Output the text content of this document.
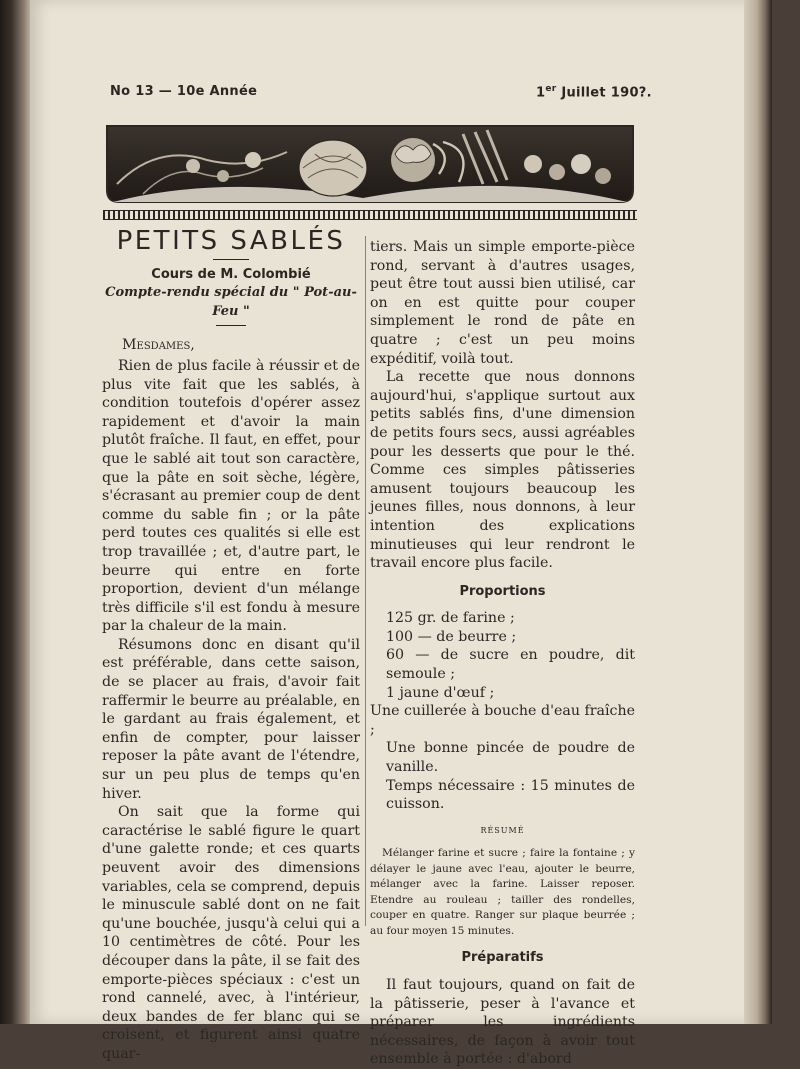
No 13 — 10e Année	1er Juillet 190?.
PETITS SABLÉS

Cours de M. Colombié

Compte-rendu spécial du " Pot-au-Feu "

Mesdames,

Rien de plus facile à réussir et de plus vite fait que les sablés, à condition toutefois d'opérer assez rapidement et d'avoir la main plutôt fraîche. Il faut, en effet, pour que le sablé ait tout son caractère, que la pâte en soit sèche, légère, s'écrasant au premier coup de dent comme du sable fin ; or la pâte perd toutes ces qualités si elle est trop travaillée ; et, d'autre part, le beurre qui entre en forte proportion, devient d'un mélange très difficile s'il est fondu à mesure par la chaleur de la main.

Résumons donc en disant qu'il est préférable, dans cette saison, de se placer au frais, d'avoir fait raffermir le beurre au préalable, en le gardant au frais également, et enfin de compter, pour laisser reposer la pâte avant de l'étendre, sur un peu plus de temps qu'en hiver.

On sait que la forme qui caractérise le sablé figure le quart d'une galette ronde; et ces quarts peuvent avoir des dimensions variables, cela se comprend, depuis le minuscule sablé dont on ne fait qu'une bouchée, jusqu'à celui qui a 10 centimètres de côté. Pour les découper dans la pâte, il se fait des emporte-pièces spéciaux : c'est un rond cannelé, avec, à l'intérieur, deux bandes de fer blanc qui se croisent, et figurent ainsi quatre quar-

tiers. Mais un simple emporte-pièce rond, servant à d'autres usages, peut être tout aussi bien utilisé, car on en est quitte pour couper simplement le rond de pâte en quatre ; c'est un peu moins expéditif, voilà tout.

La recette que nous donnons aujourd'hui, s'applique surtout aux petits sablés fins, d'une dimension de petits fours secs, aussi agréables pour les desserts que pour le thé. Comme ces simples pâtisseries amusent toujours beaucoup les jeunes filles, nous donnons, à leur intention des explications minutieuses qui leur rendront le travail encore plus facile.

Proportions

125 gr. de farine ;

100 — de beurre ;

60 — de sucre en poudre, dit semoule ;

1 jaune d'œuf ;

Une cuillerée à bouche d'eau fraîche ;

Une bonne pincée de poudre de vanille.

Temps nécessaire : 15 minutes de cuisson.

RÉSUMÉ

Mélanger farine et sucre ; faire la fontaine ; y délayer le jaune avec l'eau, ajouter le beurre, mélanger avec la farine. Laisser reposer. Etendre au rouleau ; tailler des rondelles, couper en quatre. Ranger sur plaque beurrée ; au four moyen 15 minutes.

Préparatifs

Il faut toujours, quand on fait de la pâtisserie, peser à l'avance et préparer les ingrédients nécessaires, de façon à avoir tout ensemble à portée : d'abord
